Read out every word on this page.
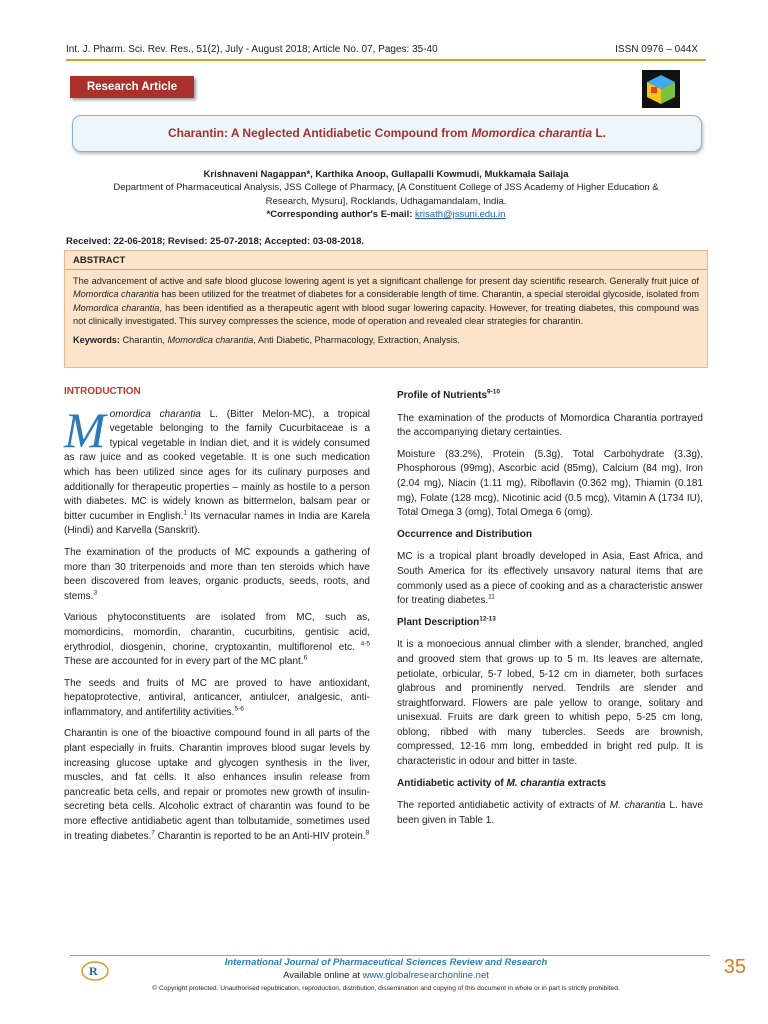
Int. J. Pharm. Sci. Rev. Res., 51(2), July - August 2018; Article No. 07, Pages: 35-40	ISSN 0976 – 044X
Research Article
Charantin: A Neglected Antidiabetic Compound from Momordica charantia L.
Krishnaveni Nagappan*, Karthika Anoop, Gullapalli Kowmudi, Mukkamala Sailaja
Department of Pharmaceutical Analysis, JSS College of Pharmacy, [A Constituent College of JSS Academy of Higher Education &
Research, Mysuru], Rocklands, Udhagamandalam, India.
*Corresponding author's E-mail: krisath@jssuni.edu.in
Received: 22-06-2018; Revised: 25-07-2018; Accepted: 03-08-2018.
ABSTRACT

The advancement of active and safe blood glucose lowering agent is yet a significant challenge for present day scientific research. Generally fruit juice of Momordica charantia has been utilized for the treatmet of diabetes for a considerable length of time. Charantin, a special steroidal glycoside, isolated from Momordica charantia, has been identified as a therapeutic agent with blood sugar lowering capacity. However, for treating diabetes, this compound was not clinically investigated. This survey compresses the science, mode of operation and revealed clear strategies for charantin.

Keywords: Charantin, Momordica charantia, Anti Diabetic, Pharmacology, Extraction, Analysis.

INTRODUCTION

Momordica charantia L. (Bitter Melon-MC), a tropical vegetable belonging to the family Cucurbitaceae is a typical vegetable in Indian diet, and it is widely consumed as raw juice and as cooked vegetable. It is one such medication which has been utilized since ages for its culinary purposes and additionally for therapeutic properties – mainly as hostile to a person with diabetes. MC is widely known as bittermelon, balsam pear or bitter cucumber in English.$^1$ Its vernacular names in India are Karela (Hindi) and Karvella (Sanskrit).

The examination of the products of MC expounds a gathering of more than 30 triterpenoids and more than ten steroids which have been discovered from leaves, organic products, seeds, roots, and stems.$^3$

Various phytoconstituents are isolated from MC, such as, momordicins, momordin, charantin, cucurbitins, gentisic acid, erythrodiol, diosgenin, chorine, cryptoxantin, multiflorenol etc. $^{4-5}$ These are accounted for in every part of the MC plant.$^6$

The seeds and fruits of MC are proved to have antioxidant, hepatoprotective, antiviral, anticancer, antiulcer, analgesic, anti-inflammatory, and antifertility activities.$^{5-6}$

Charantin is one of the bioactive compound found in all parts of the plant especially in fruits. Charantin improves blood sugar levels by increasing glucose uptake and glycogen synthesis in the liver, muscles, and fat cells. It also enhances insulin release from pancreatic beta cells, and repair or promotes new growth of insulin-secreting beta cells. Alcoholic extract of charantin was found to be more effective antidiabetic agent than tolbutamide, sometimes used in treating diabetes.$^7$ Charantin is reported to be an Anti-HIV protein.$^8$

Profile of Nutrients$^{9-10}$

The examination of the products of Momordica Charantia portrayed the accompanying dietary certainties.

Moisture (83.2%), Protein (5.3g), Total Carbohydrate (3.3g), Phosphorous (99mg), Ascorbic acid (85mg), Calcium (84 mg), Iron (2.04 mg), Niacin (1.11 mg), Riboflavin (0.362 mg), Thiamin (0.181 mg), Folate (128 mcg), Nicotinic acid (0.5 mcg), Vitamin A (1734 IU), Total Omega 3 (omg), Total Omega 6 (omg).

Occurrence and Distribution

MC is a tropical plant broadly developed in Asia, East Africa, and South America for its effectively unsavory natural items that are commonly used as a piece of cooking and as a characteristic answer for treating diabetes.$^{11}$

Plant Description$^{12-13}$

It is a monoecious annual climber with a slender, branched, angled and grooved stem that grows up to 5 m. Its leaves are alternate, petiolate, orbicular, 5-7 lobed, 5-12 cm in diameter, both surfaces glabrous and prominently nerved. Tendrils are slender and straightforward. Flowers are pale yellow to orange, solitary and unisexual. Fruits are dark green to whitish pepo, 5-25 cm long, oblong, ribbed with many tubercles. Seeds are brownish, compressed, 12-16 mm long, embedded in bright red pulp. It is characteristic in odour and bitter in taste.

Antidiabetic activity of M. charantia extracts

The reported antidiabetic activity of extracts of M. charantia L. have been given in Table 1.

R
International Journal of Pharmaceutical Sciences Review and Research
Available online at www.globalresearchonline.net
© Copyright protected. Unauthorised republication, reproduction, distribution, dissemination and copying of this document in whole or in part is strictly prohibited.
35
